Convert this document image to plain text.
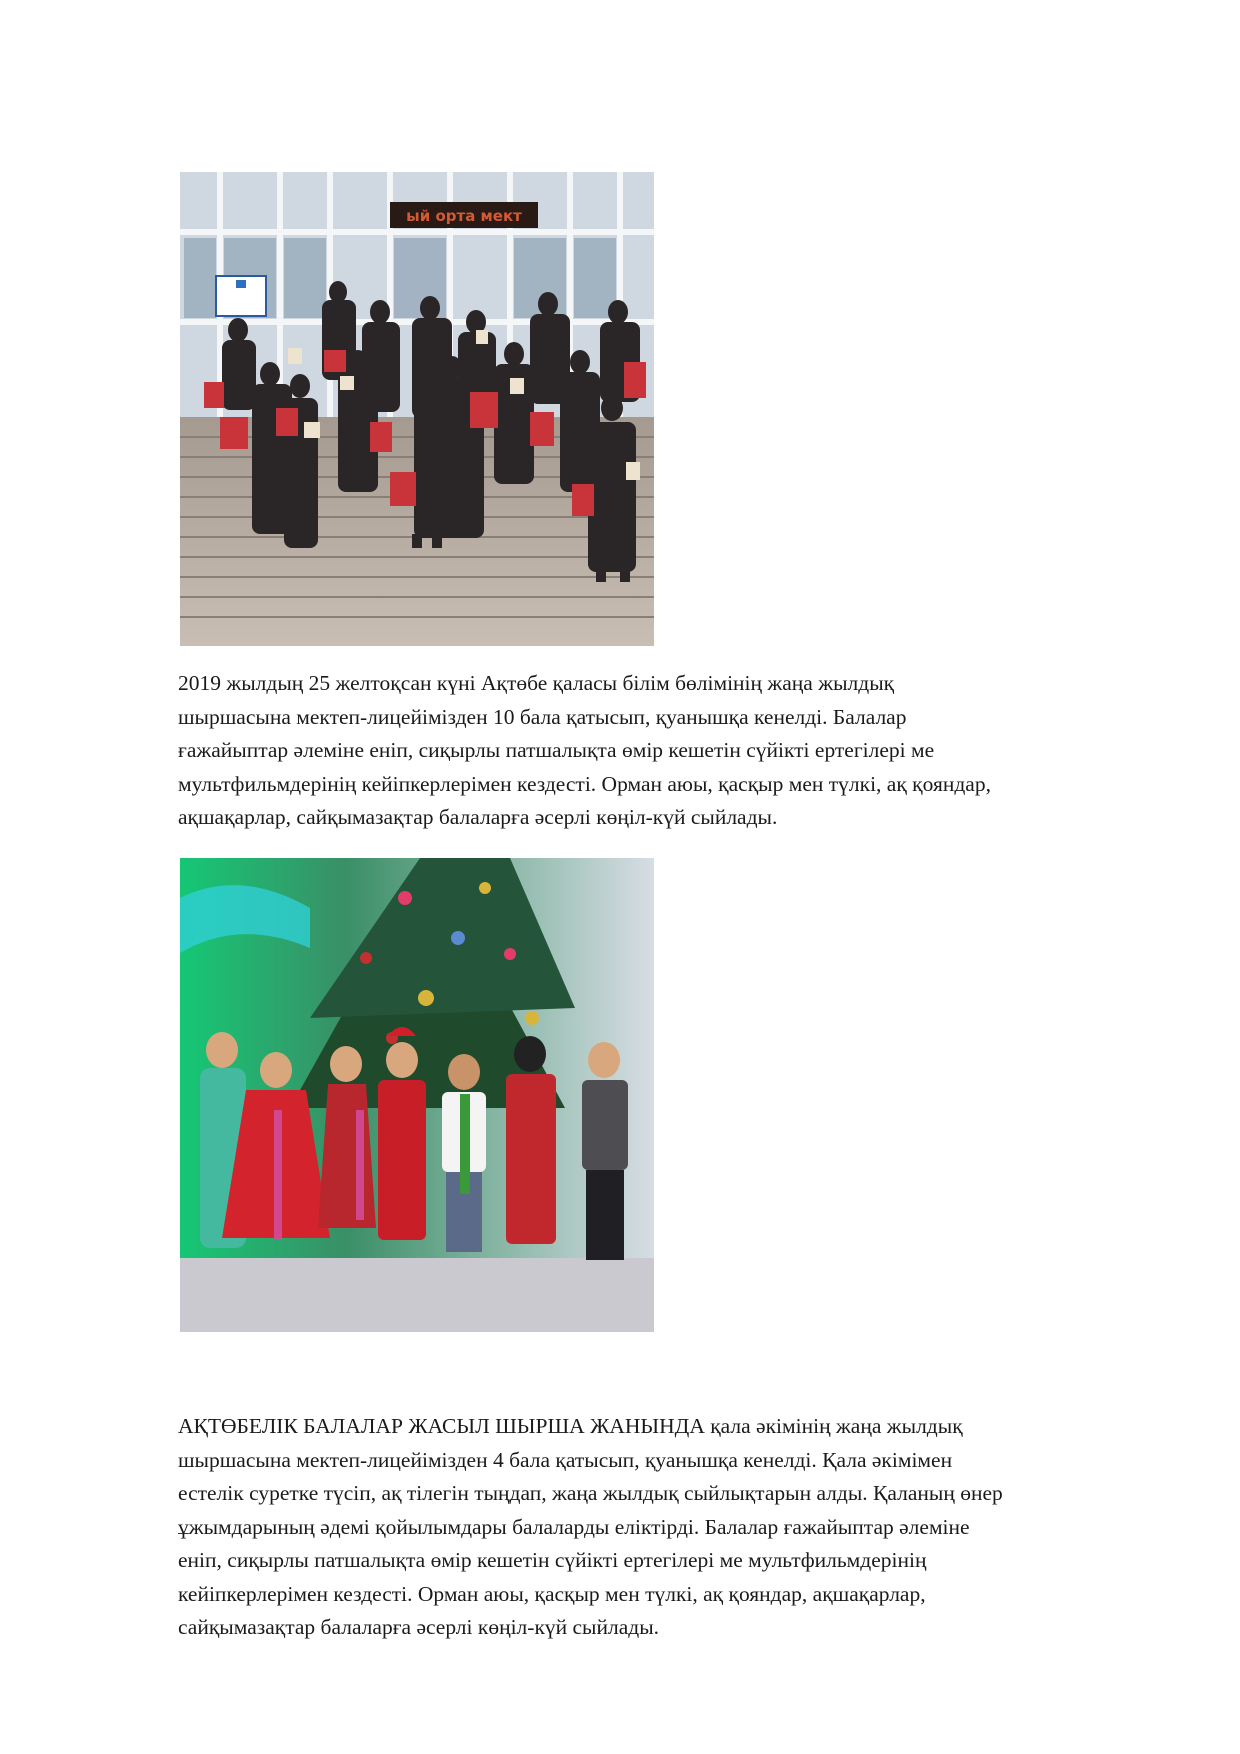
ый орта мект

2019 жылдың 25 желтоқсан күні Ақтөбе қаласы білім бөлімінің жаңа жылдық
шыршасына мектеп-лицейімізден 10 бала қатысып, қуанышқа кенелді. Балалар
ғажайыптар әлеміне еніп, сиқырлы патшалықта өмір кешетін сүйікті ертегілері ме
мультфильмдерінің кейіпкерлерімен кездесті. Орман аюы, қасқыр мен түлкі, ақ қояндар,
ақшақарлар, сайқымазақтар балаларға әсерлі көңіл-күй сыйлады.

АҚТӨБЕЛІК БАЛАЛАР ЖАСЫЛ ШЫРША ЖАНЫНДА қала әкімінің жаңа жылдық
шыршасына мектеп-лицейімізден 4 бала қатысып, қуанышқа кенелді. Қала әкімімен
естелік суретке түсіп, ақ тілегін тыңдап, жаңа жылдық сыйлықтарын алды. Қаланың өнер
ұжымдарының әдемі қойылымдары балаларды еліктірді. Балалар ғажайыптар әлеміне
еніп, сиқырлы патшалықта өмір кешетін сүйікті ертегілері ме мультфильмдерінің
кейіпкерлерімен кездесті. Орман аюы, қасқыр мен түлкі, ақ қояндар, ақшақарлар,
сайқымазақтар балаларға әсерлі көңіл-күй сыйлады.
